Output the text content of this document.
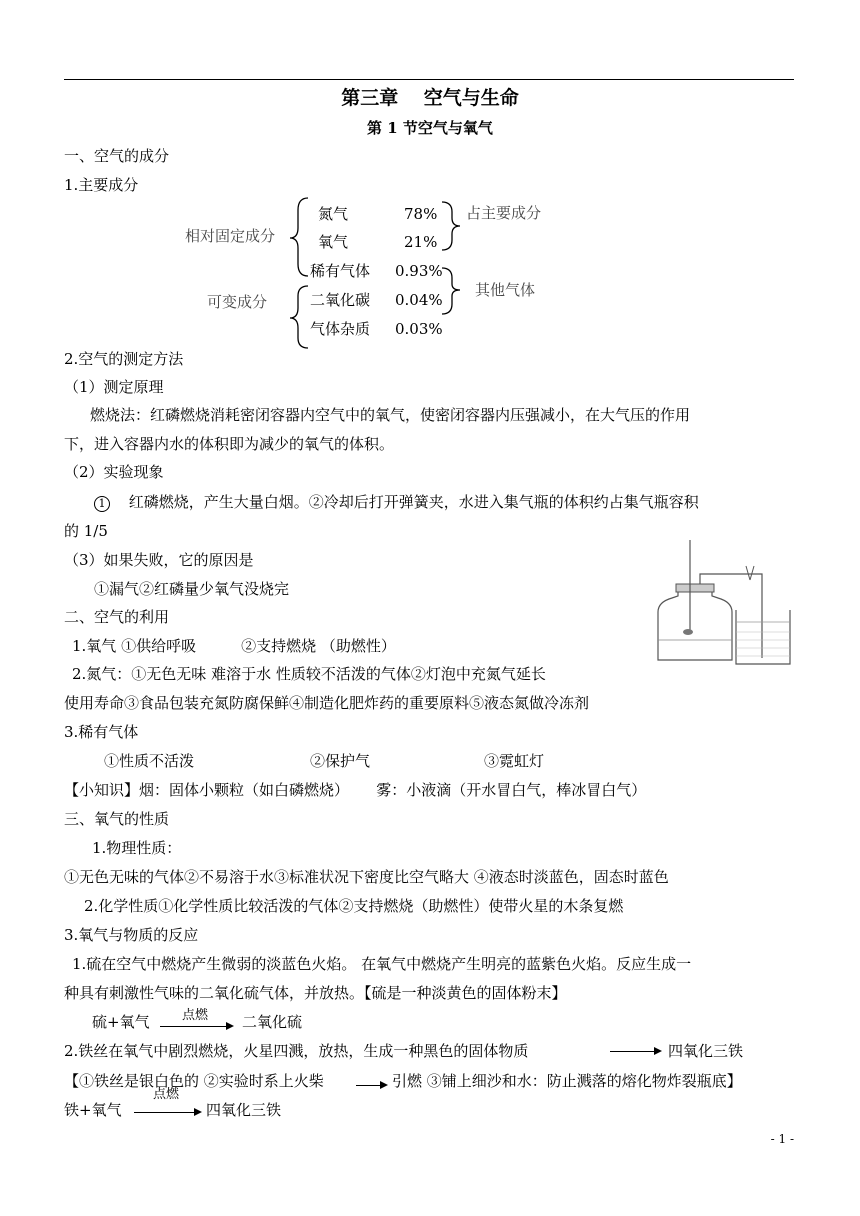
第三章　 空气与生命
第 1 节空气与氧气
一、空气的成分
1.主要成分
相对固定成分
可变成分
氮气	78%
氧气	21%
稀有气体 0.93%
二氧化碳 0.04%
气体杂质 0.03%
占主要成分
其他气体
2.空气的测定方法
（1）测定原理
燃烧法：红磷燃烧消耗密闭容器内空气中的氧气，使密闭容器内压强减小，在大气压的作用
下，进入容器内水的体积即为减少的氧气的体积。
（2）实验现象
1 红磷燃烧，产生大量白烟。②冷却后打开弹簧夹，水进入集气瓶的体积约占集气瓶容积
的 1/5
（3）如果失败，它的原因是
①漏气②红磷量少氧气没烧完
二、空气的利用
1.氧气 ①供给呼吸　　　②支持燃烧 （助燃性）
2.氮气：①无色无味 难溶于水 性质较不活泼的气体②灯泡中充氮气延长
使用寿命③食品包装充氮防腐保鲜④制造化肥炸药的重要原料⑤液态氮做冷冻剂
3.稀有气体
①性质不活泼	②保护气	③霓虹灯
【小知识】烟：固体小颗粒（如白磷燃烧）　　 雾：小液滴（开水冒白气，棒冰冒白气）
三、氧气的性质
1.物理性质：
①无色无味的气体②不易溶于水③标准状况下密度比空气略大 ④液态时淡蓝色，固态时蓝色
2.化学性质①化学性质比较活泼的气体②支持燃烧（助燃性）使带火星的木条复燃
3.氧气与物质的反应
1.硫在空气中燃烧产生微弱的淡蓝色火焰。 在氧气中燃烧产生明亮的蓝紫色火焰。反应生成一
种具有刺激性气味的二氧化硫气体，并放热。【硫是一种淡黄色的固体粉末】
硫+氧气	点燃	二氧化硫
2.铁丝在氧气中剧烈燃烧，火星四溅，放热，生成一种黑色的固体物质	四氧化三铁
【①铁丝是银白色的 ②实验时系上火柴	引燃 ③铺上细沙和水：防止溅落的熔化物炸裂瓶底】
铁+氧气
点燃
四氧化三铁
- 1 -
